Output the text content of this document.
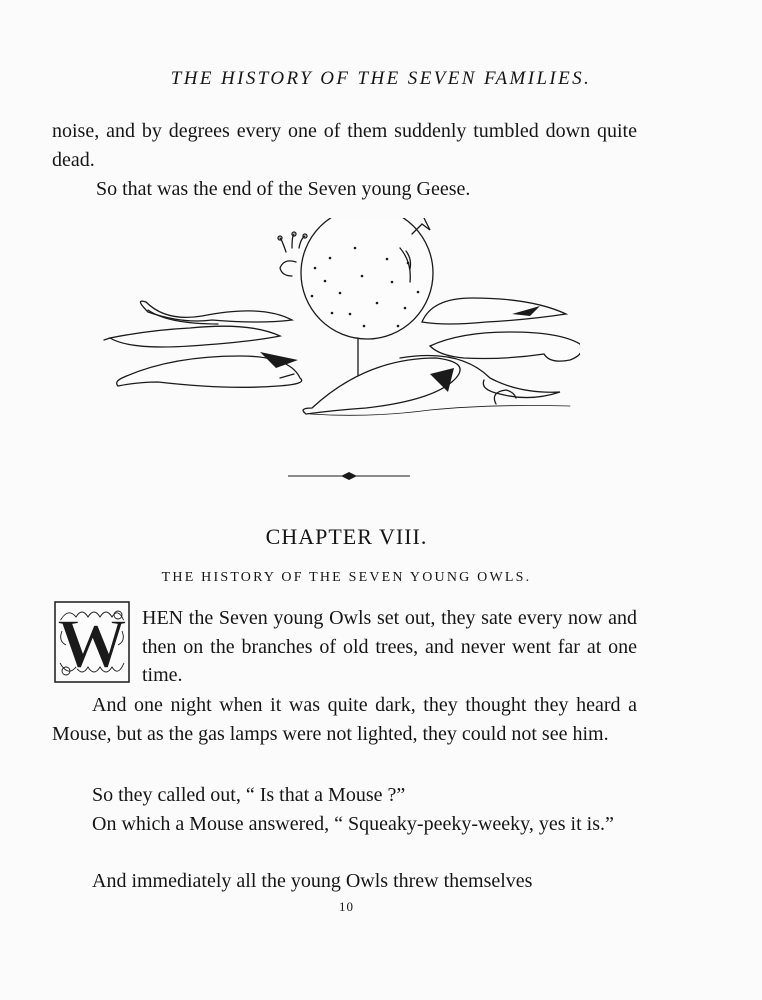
THE HISTORY OF THE SEVEN FAMILIES.
noise, and by degrees every one of them suddenly tumbled down quite dead.
So that was the end of the Seven young Geese.
CHAPTER VIII.
THE HISTORY OF THE SEVEN YOUNG OWLS.
W HEN the Seven young Owls set out, they sate every now and then on the branches of old trees, and never went far at one time.
And one night when it was quite dark, they thought they heard a Mouse, but as the gas lamps were not lighted, they could not see him.
So they called out, “ Is that a Mouse ?”
On which a Mouse answered, “ Squeaky-peeky-weeky, yes it is.”
And immediately all the young Owls threw themselves
10
